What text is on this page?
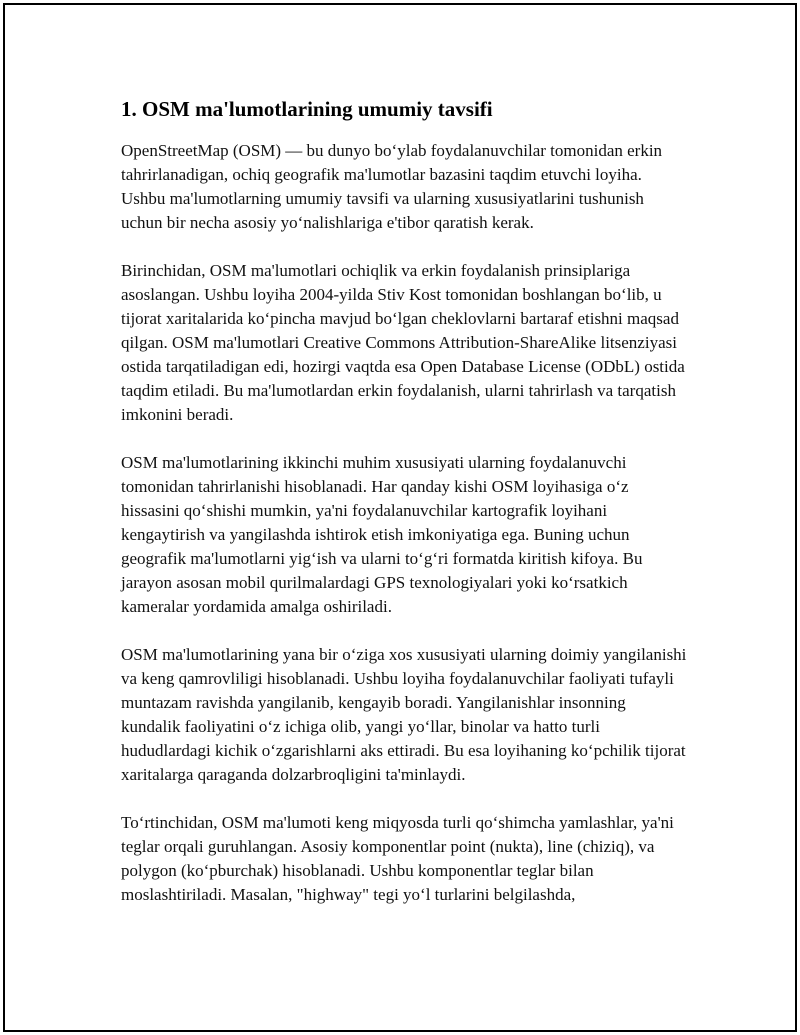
1. OSM ma'lumotlarining umumiy tavsifi

OpenStreetMap (OSM) — bu dunyo bo‘ylab foydalanuvchilar tomonidan erkin tahrirlanadigan, ochiq geografik ma'lumotlar bazasini taqdim etuvchi loyiha. Ushbu ma'lumotlarning umumiy tavsifi va ularning xususiyatlarini tushunish uchun bir necha asosiy yo‘nalishlariga e'tibor qaratish kerak.

Birinchidan, OSM ma'lumotlari ochiqlik va erkin foydalanish prinsiplariga asoslangan. Ushbu loyiha 2004-yilda Stiv Kost tomonidan boshlangan bo‘lib, u tijorat xaritalarida ko‘pincha mavjud bo‘lgan cheklovlarni bartaraf etishni maqsad qilgan. OSM ma'lumotlari Creative Commons Attribution-ShareAlike litsenziyasi ostida tarqatiladigan edi, hozirgi vaqtda esa Open Database License (ODbL) ostida taqdim etiladi. Bu ma'lumotlardan erkin foydalanish, ularni tahrirlash va tarqatish imkonini beradi.

OSM ma'lumotlarining ikkinchi muhim xususiyati ularning foydalanuvchi tomonidan tahrirlanishi hisoblanadi. Har qanday kishi OSM loyihasiga o‘z hissasini qo‘shishi mumkin, ya'ni foydalanuvchilar kartografik loyihani kengaytirish va yangilashda ishtirok etish imkoniyatiga ega. Buning uchun geografik ma'lumotlarni yig‘ish va ularni to‘g‘ri formatda kiritish kifoya. Bu jarayon asosan mobil qurilmalardagi GPS texnologiyalari yoki ko‘rsatkich kameralar yordamida amalga oshiriladi.

OSM ma'lumotlarining yana bir o‘ziga xos xususiyati ularning doimiy yangilanishi va keng qamrovliligi hisoblanadi. Ushbu loyiha foydalanuvchilar faoliyati tufayli muntazam ravishda yangilanib, kengayib boradi. Yangilanishlar insonning kundalik faoliyatini o‘z ichiga olib, yangi yo‘llar, binolar va hatto turli hududlardagi kichik o‘zgarishlarni aks ettiradi. Bu esa loyihaning ko‘pchilik tijorat xaritalarga qaraganda dolzarbroqligini ta'minlaydi.

To‘rtinchidan, OSM ma'lumoti keng miqyosda turli qo‘shimcha yamlashlar, ya'ni teglar orqali guruhlangan. Asosiy komponentlar point (nukta), line (chiziq), va polygon (ko‘pburchak) hisoblanadi. Ushbu komponentlar teglar bilan moslashtiriladi. Masalan, "highway" tegi yo‘l turlarini belgilashda,
